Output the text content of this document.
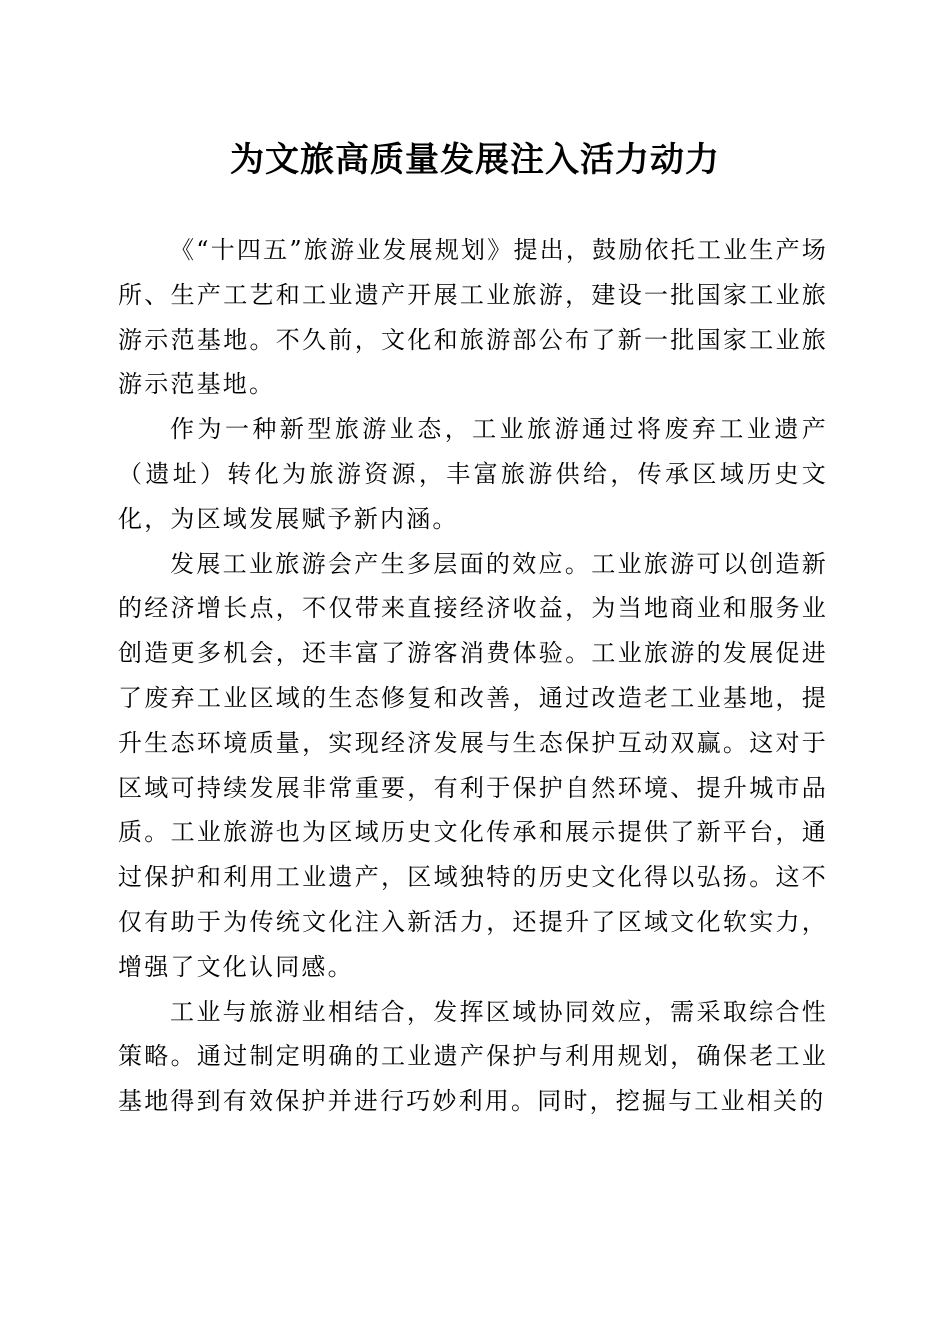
为文旅高质量发展注入活力动力

《“十四五”旅游业发展规划》提出，鼓励依托工业生产场所、生产工艺和工业遗产开展工业旅游，建设一批国家工业旅游示范基地。不久前，文化和旅游部公布了新一批国家工业旅游示范基地。

作为一种新型旅游业态，工业旅游通过将废弃工业遗产（遗址）转化为旅游资源，丰富旅游供给，传承区域历史文化，为区域发展赋予新内涵。

发展工业旅游会产生多层面的效应。工业旅游可以创造新的经济增长点，不仅带来直接经济收益，为当地商业和服务业创造更多机会，还丰富了游客消费体验。工业旅游的发展促进了废弃工业区域的生态修复和改善，通过改造老工业基地，提升生态环境质量，实现经济发展与生态保护互动双赢。这对于区域可持续发展非常重要，有利于保护自然环境、提升城市品质。工业旅游也为区域历史文化传承和展示提供了新平台，通过保护和利用工业遗产，区域独特的历史文化得以弘扬。这不仅有助于为传统文化注入新活力，还提升了区域文化软实力，增强了文化认同感。

工业与旅游业相结合，发挥区域协同效应，需采取综合性策略。通过制定明确的工业遗产保护与利用规划，确保老工业基地得到有效保护并进行巧妙利用。同时，挖掘与工业相关的
